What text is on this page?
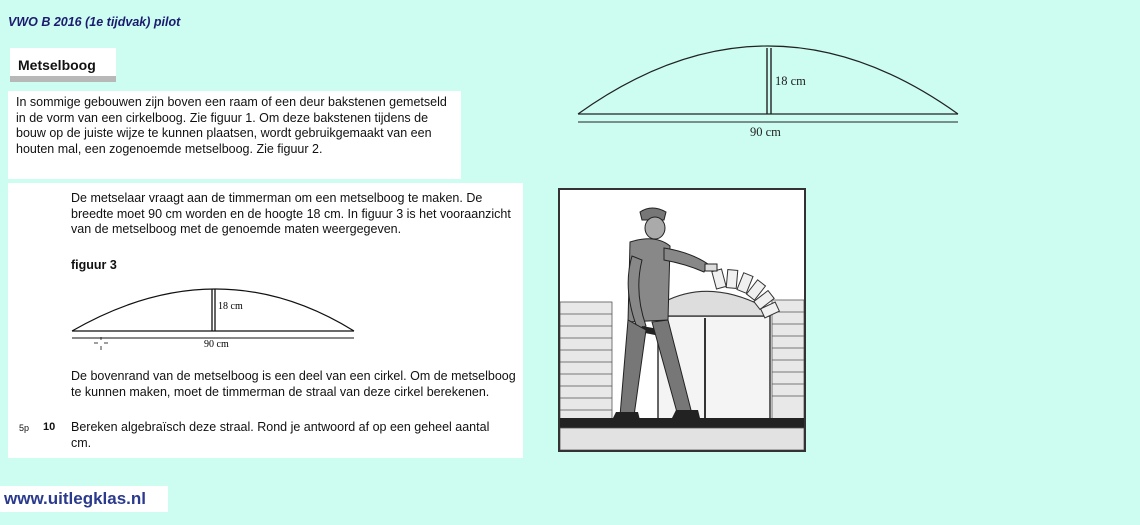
VWO B 2016 (1e tijdvak) pilot
Metselboog

In sommige gebouwen zijn boven een raam of een deur bakstenen gemetseld in de vorm van een cirkelboog. Zie figuur 1. Om deze bakstenen tijdens de bouw op de juiste wijze te kunnen plaatsen, wordt gebruikgemaakt van een houten mal, een zogenoemde metselboog. Zie figuur 2.

De metselaar vraagt aan de timmerman om een metselboog te maken. De breedte moet 90 cm worden en de hoogte 18 cm. In figuur 3 is het vooraanzicht van de metselboog met de genoemde maten weergegeven.

figuur 3
18 cm
90 cm

De bovenrand van de metselboog is een deel van een cirkel. Om de metselboog te kunnen maken, moet de timmerman de straal van deze cirkel berekenen.

5p 10 Bereken algebraïsch deze straal. Rond je antwoord af op een geheel aantal cm.

18 cm
90 cm
www.uitlegklas.nl
